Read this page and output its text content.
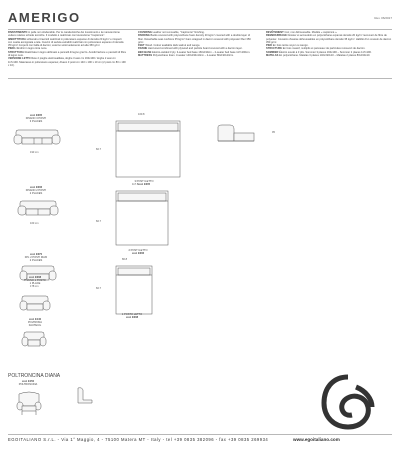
AMERIGO	Rev. 06/2017

RIVESTIMENTO in pelle non sfoderabile. Per le caratteristiche dei rivestimenti e la manutenzione vedere relative schede tecniche. Il modello è realizzato con lavorazione "Capitonné".

IMBOTTITURA schienali e braccioli realizzati in poliuretano espanso di densità 20 kg/m³ e ricoperti con ovatta accoppiata a tela. Cuscini di seduta estraibili realizzati con poliuretano espanso di densità 35 kg/m³ ricoperti con falda di dacron; esterno sottoruolamento ad alta 350 g/m².

PIEDI cilindrici in legno tinta noce.

STRUTTURA Realizzata in legno abbinato a pannelli di legno grezzo. Anodizzazione e pannelli di fibra di legno nere.

VERSIONE LETTO Rete 2 pieghe elettrosaldata, doghe 3 assi cm 160x190 / doghe 2 assi cm 117x190. Materasso in poliuretano espanso; divano 3 posti cm 140 x 190 x 10 cm (2 posti cm 80 x 190 x 10).

COVERING Leather not removable, "Capitonné" finishing.

PADDING Backs covered with polyurethane foam density 20 kg/m³ covered with a double layer of fiber. Detachable seat cushions 35 kg/m³ foam wrapped in dacron covered with polyester fiber 350 g/m².

FEET Wood. Colour available dark walnut and wenge.

FRAME Hard wood combined with plywood and particle board covered with a dacron layer.

BED BASE Electro-welded 3 ply. 3-seater bed base 160x190cm – 2-seater bed base 117x190cm.

MATTRESS Polyurethane foam. 3-seater 140x190x10cm – 2-seater 80x190x10cm.

REVÊTEMENT Cuir, non déhoussable. Modèle « capitonné ».

REMBOURRAGE Dossier et accoudoirs en polyuréthane expansé densité 20 kg/m³ recouvert de fibre de polyester. Coussins d'assise déhoussables en polyuréthane densité 35 kg/m³. Habillé d'un coussin de dacron 350 g/m².

PIED En bois teinte noyer ou wengé.

STRUCTURE En bois massif, multiplis et panneaux de particules recouvert de dacron.

SOMMIER Électro soudé à 3 plis. Sommier 3 places 160x190 – Sommier 2 places 117x190.

MATELAS En polyuréthane. Matelas 3 places 140x190x10 – Matelas 2 places 80x190x10.

cod. E005
DIVANO 3 POSTI
3 PLACES
193 cm
160.8
82.7
3 POSTI LETTO
cod. E005
95
cod. E006
DIVANO 2 POSTI
2 PLACES
163 cm
117.8
82.7
2 POSTI LETTO
cod. E006
cod. E070
DIV. 2 POSTI MAXI
2 PLACES
178 cm
cod. E008
DIVANO 1 POSTO
1 PLACE
80.8
82.7
1 POSTO LETTO
cod. E008
cod. E140
POLTRONA
FAUTEUIL
POLTRONCINA DIANA
cod. E150
POLTRONCINA
EGOITALIANO S.r.L. - Via 1° Maggio, 4 - 75100 Matera MT - Italy - tel +39 0835 382096 - fax +39 0835 269934	www.egoitaliano.com
